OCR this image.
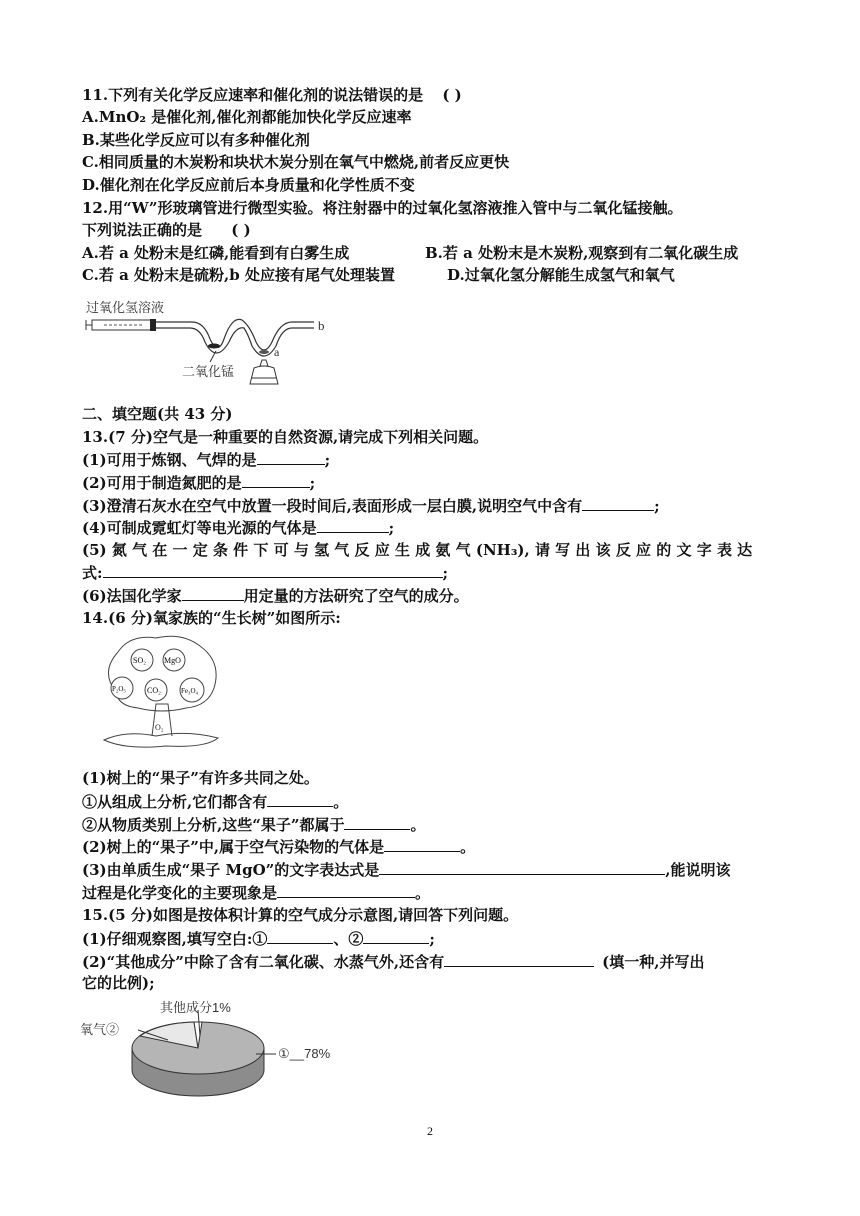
11.下列有关化学反应速率和催化剂的说法错误的是 ( )
A.MnO₂ 是催化剂,催化剂都能加快化学反应速率
B.某些化学反应可以有多种催化剂
C.相同质量的木炭粉和块状木炭分别在氧气中燃烧,前者反应更快
D.催化剂在化学反应前后本身质量和化学性质不变
12.用“W”形玻璃管进行微型实验。将注射器中的过氧化氢溶液推入管中与二氧化锰接触。
下列说法正确的是 ( )
A.若 a 处粉末是红磷,能看到有白雾生成	B.若 a 处粉末是木炭粉,观察到有二氧化碳生成
C.若 a 处粉末是硫粉,b 处应接有尾气处理装置	D.过氧化氢分解能生成氢气和氧气
过氧化氢溶液
b
a
二氧化锰
二、填空题(共 43 分)
13.(7 分)空气是一种重要的自然资源,请完成下列相关问题。
(1)可用于炼钢、气焊的是	;
(2)可用于制造氮肥的是	;
(3)澄清石灰水在空气中放置一段时间后,表面形成一层白膜,说明空气中含有	;
(4)可制成霓虹灯等电光源的气体是	;
(5) 氮 气 在 一 定 条 件 下 可 与 氢 气 反 应 生 成 氨 气 (NH₃), 请 写 出 该 反 应 的 文 字 表 达
式:	;
(6)法国化学家	用定量的方法研究了空气的成分。
14.(6 分)氧家族的“生长树”如图所示:
O₂
SO₂ MgO
P₂O₅	CO₂	Fe₃O₄
(1)树上的“果子”有许多共同之处。
①从组成上分析,它们都含有	。
②从物质类别上分析,这些“果子”都属于	。
(2)树上的“果子”中,属于空气污染物的气体是	。
(3)由单质生成“果子 MgO”的文字表达式是	,能说明该
过程是化学变化的主要现象是	。
15.(5 分)如图是按体积计算的空气成分示意图,请回答下列问题。
(1)仔细观察图,填写空白:①	、②	;
(2)“其他成分”中除了含有二氧化碳、水蒸气外,还含有	(填一种,并写出
它的比例);
其他成分1%
氧气②
①__78%
2
